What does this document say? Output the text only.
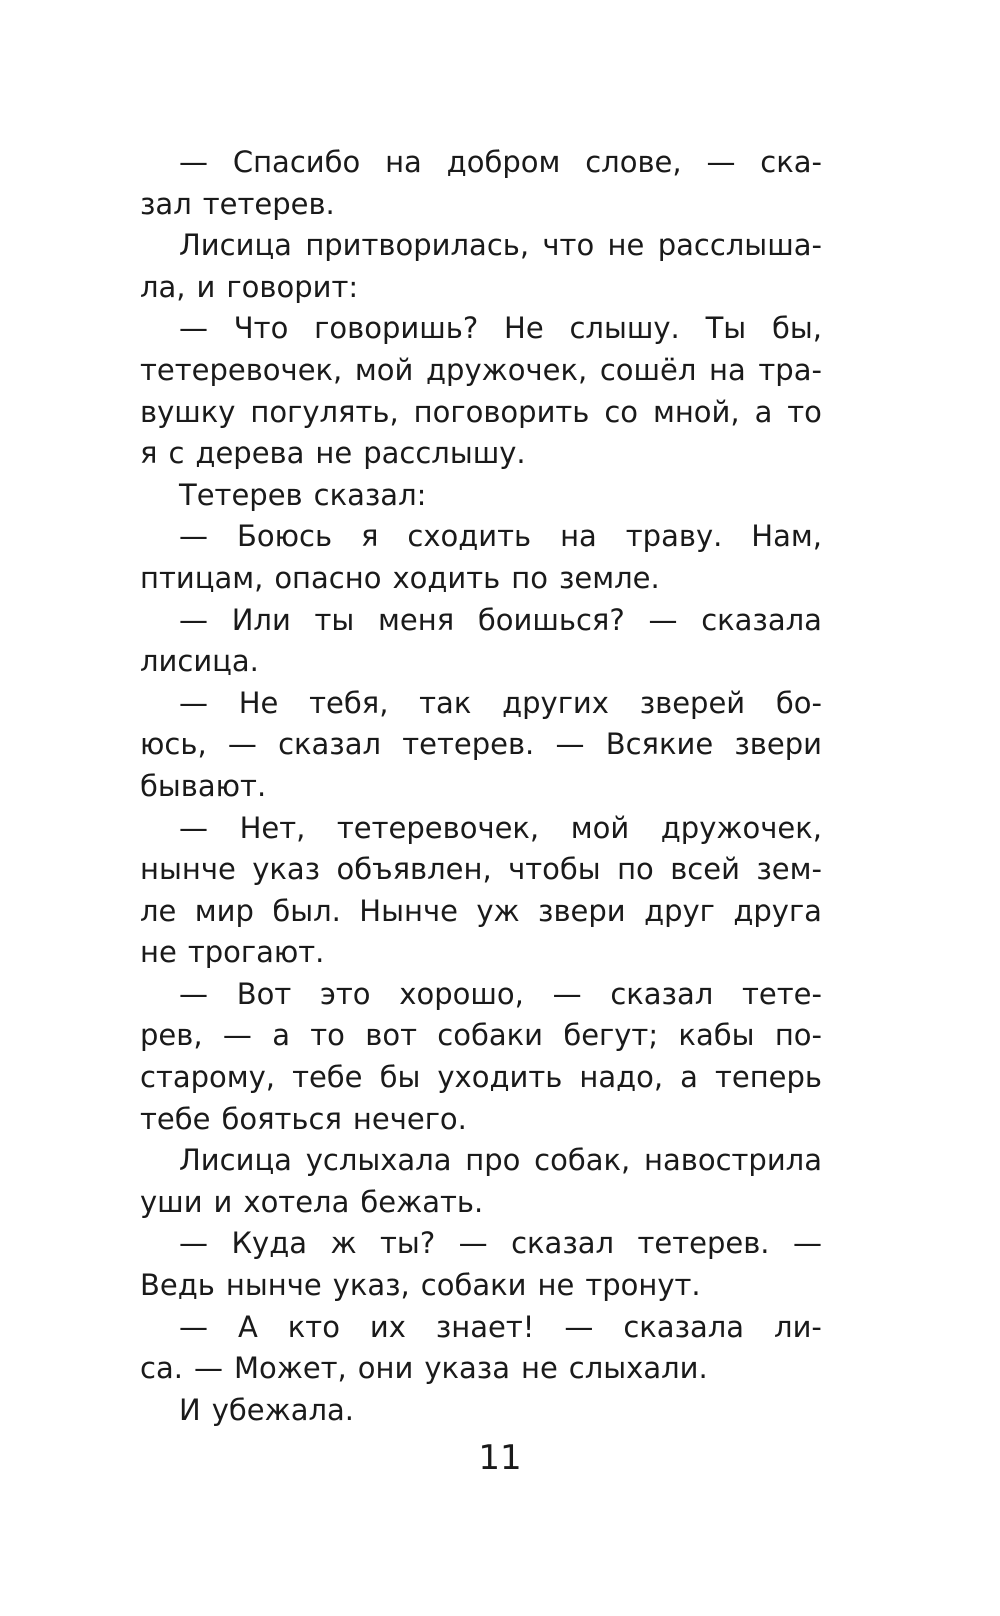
— Спасибо на добром слове, — ска-
зал тетерев.
Лисица притворилась, что не расслыша-
ла, и говорит:
— Что говоришь? Не слышу. Ты бы,
тетеревочек, мой дружочек, сошёл на тра-
вушку погулять, поговорить со мной, а то
я с дерева не расслышу.
Тетерев сказал:
— Боюсь я сходить на траву. Нам,
птицам, опасно ходить по земле.
— Или ты меня боишься? — сказала
лисица.
— Не тебя, так других зверей бо-
юсь, — сказал тетерев. — Всякие звери
бывают.
— Нет, тетеревочек, мой дружочек,
нынче указ объявлен, чтобы по всей зем-
ле мир был. Нынче уж звери друг друга
не трогают.
— Вот это хорошо, — сказал тете-
рев, — а то вот собаки бегут; кабы по-
старому, тебе бы уходить надо, а теперь
тебе бояться нечего.
Лисица услыхала про собак, навострила
уши и хотела бежать.
— Куда ж ты? — сказал тетерев. —
Ведь нынче указ, собаки не тронут.
— А кто их знает! — сказала ли-
са. — Может, они указа не слыхали.
И убежала.
11
